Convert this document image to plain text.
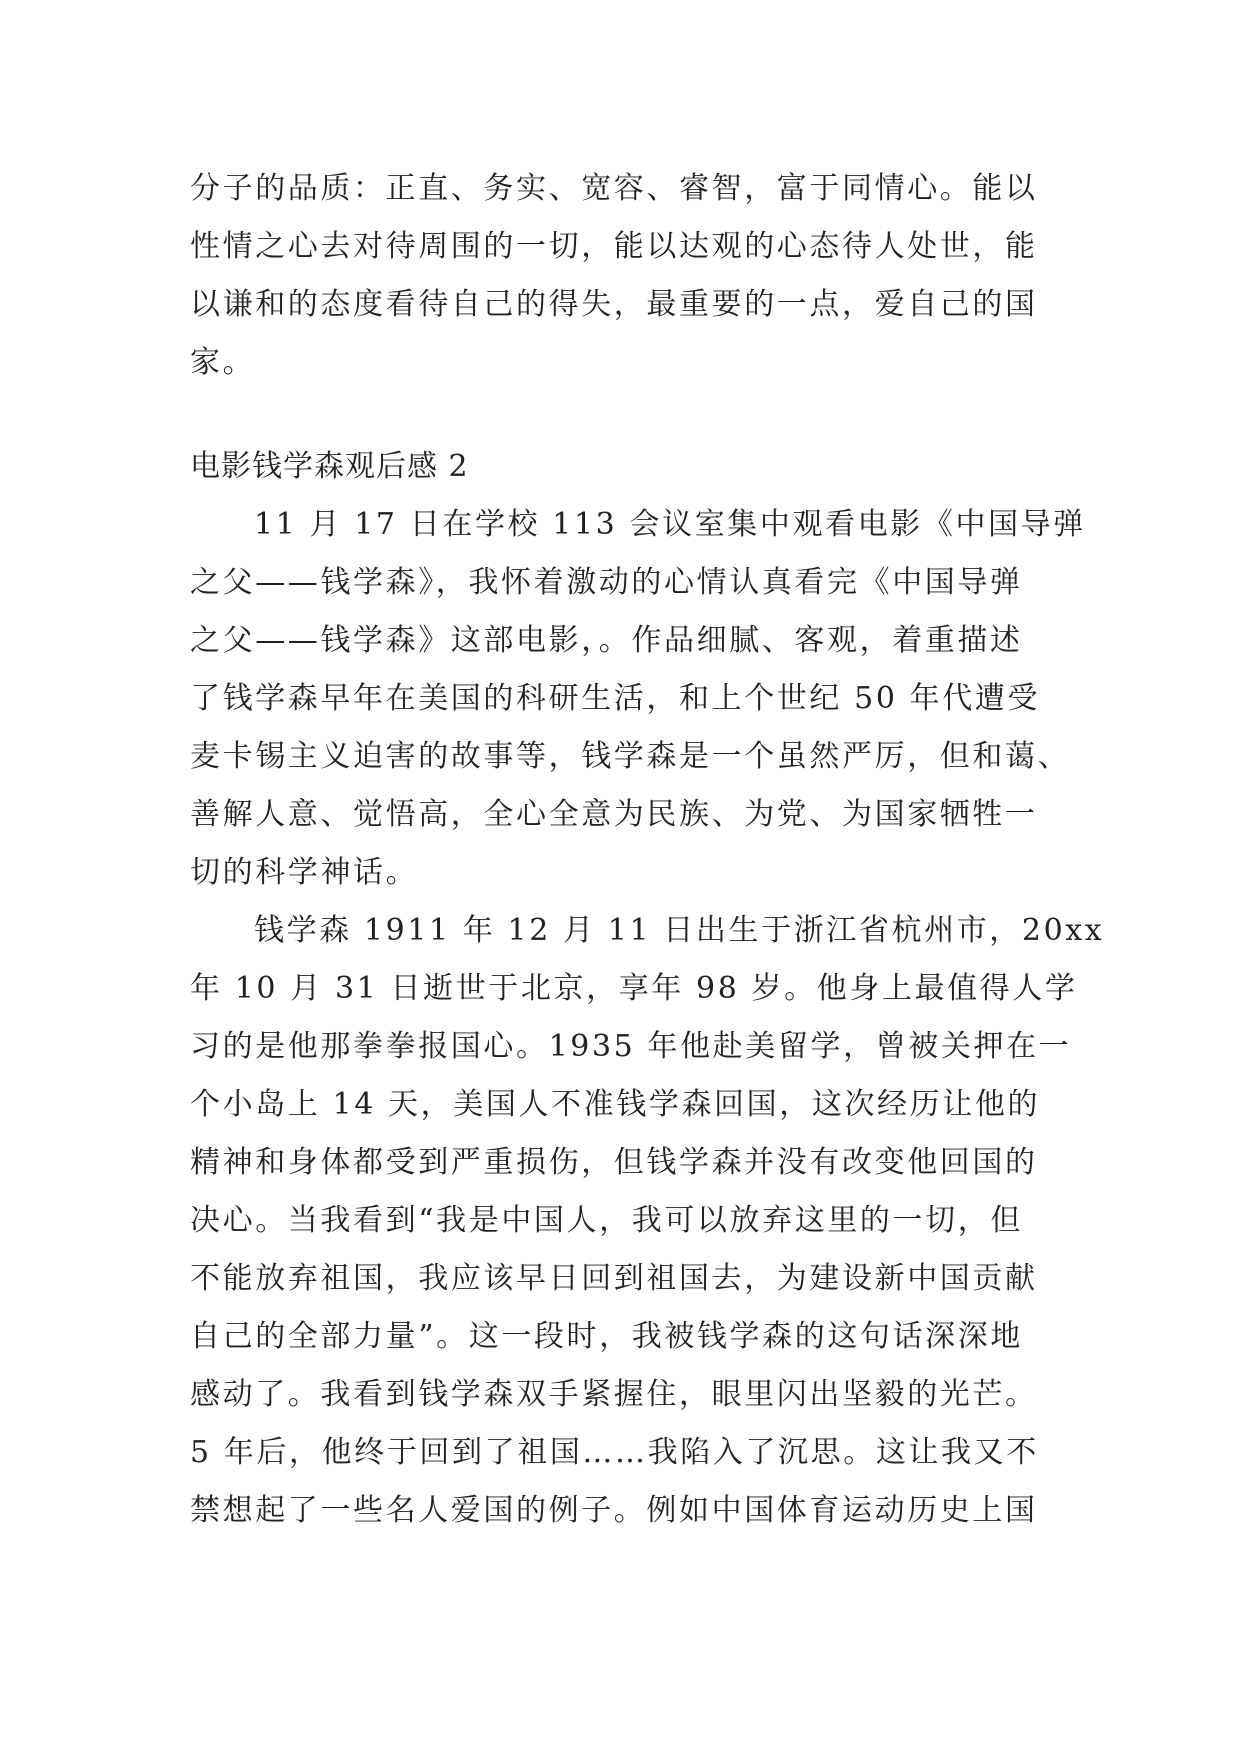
分子的品质：正直、务实、宽容、睿智，富于同情心。能以
性情之心去对待周围的一切，能以达观的心态待人处世，能
以谦和的态度看待自己的得失，最重要的一点，爱自己的国
家。
电影钱学森观后感 2
11 月 17 日在学校 113 会议室集中观看电影《中国导弹
之父——钱学森》，我怀着激动的心情认真看完《中国导弹
之父——钱学森》这部电影，。作品细腻、客观，着重描述
了钱学森早年在美国的科研生活，和上个世纪 50 年代遭受
麦卡锡主义迫害的故事等，钱学森是一个虽然严厉，但和蔼、
善解人意、觉悟高，全心全意为民族、为党、为国家牺牲一
切的科学神话。
钱学森 1911 年 12 月 11 日出生于浙江省杭州市，20xx
年 10 月 31 日逝世于北京，享年 98 岁。他身上最值得人学
习的是他那拳拳报国心。1935 年他赴美留学，曾被关押在一
个小岛上 14 天，美国人不准钱学森回国，这次经历让他的
精神和身体都受到严重损伤，但钱学森并没有改变他回国的
决心。当我看到“我是中国人，我可以放弃这里的一切，但
不能放弃祖国，我应该早日回到祖国去，为建设新中国贡献
自己的全部力量”。这一段时，我被钱学森的这句话深深地
感动了。我看到钱学森双手紧握住，眼里闪出坚毅的光芒。
5 年后，他终于回到了祖国……我陷入了沉思。这让我又不
禁想起了一些名人爱国的例子。例如中国体育运动历史上国
